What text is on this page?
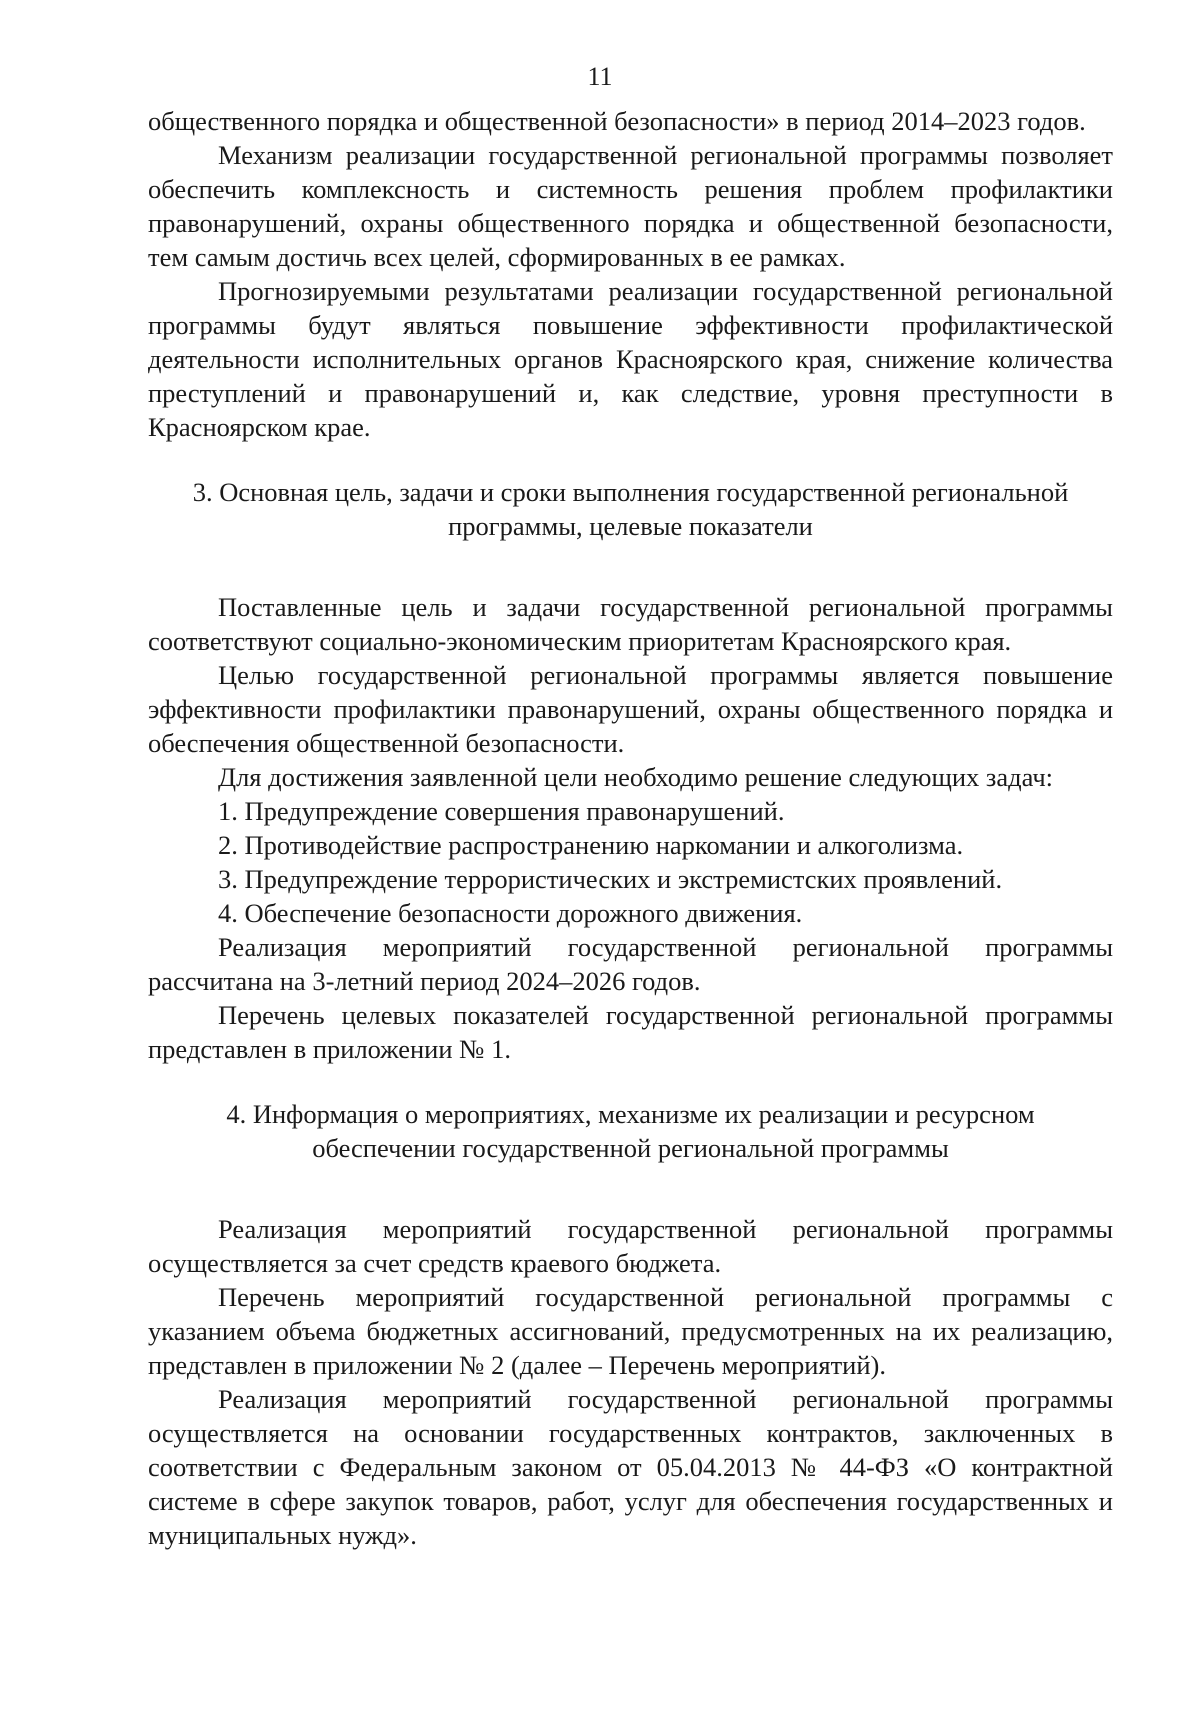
11

общественного порядка и общественной безопасности» в период 2014–2023 годов.

Механизм реализации государственной региональной программы позволяет обеспечить комплексность и системность решения проблем профилактики правонарушений, охраны общественного порядка и общественной безопасности, тем самым достичь всех целей, сформированных в ее рамках.

Прогнозируемыми результатами реализации государственной региональной программы будут являться повышение эффективности профилактической деятельности исполнительных органов Красноярского края, снижение количества преступлений и правонарушений и, как следствие, уровня преступности в Красноярском крае.

3. Основная цель, задачи и сроки выполнения государственной региональной
программы, целевые показатели

Поставленные цель и задачи государственной региональной программы соответствуют социально-экономическим приоритетам Красноярского края.

Целью государственной региональной программы является повышение эффективности профилактики правонарушений, охраны общественного порядка и обеспечения общественной безопасности.

Для достижения заявленной цели необходимо решение следующих задач:

1. Предупреждение совершения правонарушений.

2. Противодействие распространению наркомании и алкоголизма.

3. Предупреждение террористических и экстремистских проявлений.

4. Обеспечение безопасности дорожного движения.

Реализация мероприятий государственной региональной программы рассчитана на 3-летний период 2024–2026 годов.

Перечень целевых показателей государственной региональной программы представлен в приложении № 1.

4. Информация о мероприятиях, механизме их реализации и ресурсном
обеспечении государственной региональной программы

Реализация мероприятий государственной региональной программы осуществляется за счет средств краевого бюджета.

Перечень мероприятий государственной региональной программы с указанием объема бюджетных ассигнований, предусмотренных на их реализацию, представлен в приложении № 2 (далее – Перечень мероприятий).

Реализация мероприятий государственной региональной программы осуществляется на основании государственных контрактов, заключенных в соответствии с Федеральным законом от 05.04.2013 № 44-ФЗ «О контрактной системе в сфере закупок товаров, работ, услуг для обеспечения государственных и муниципальных нужд».
